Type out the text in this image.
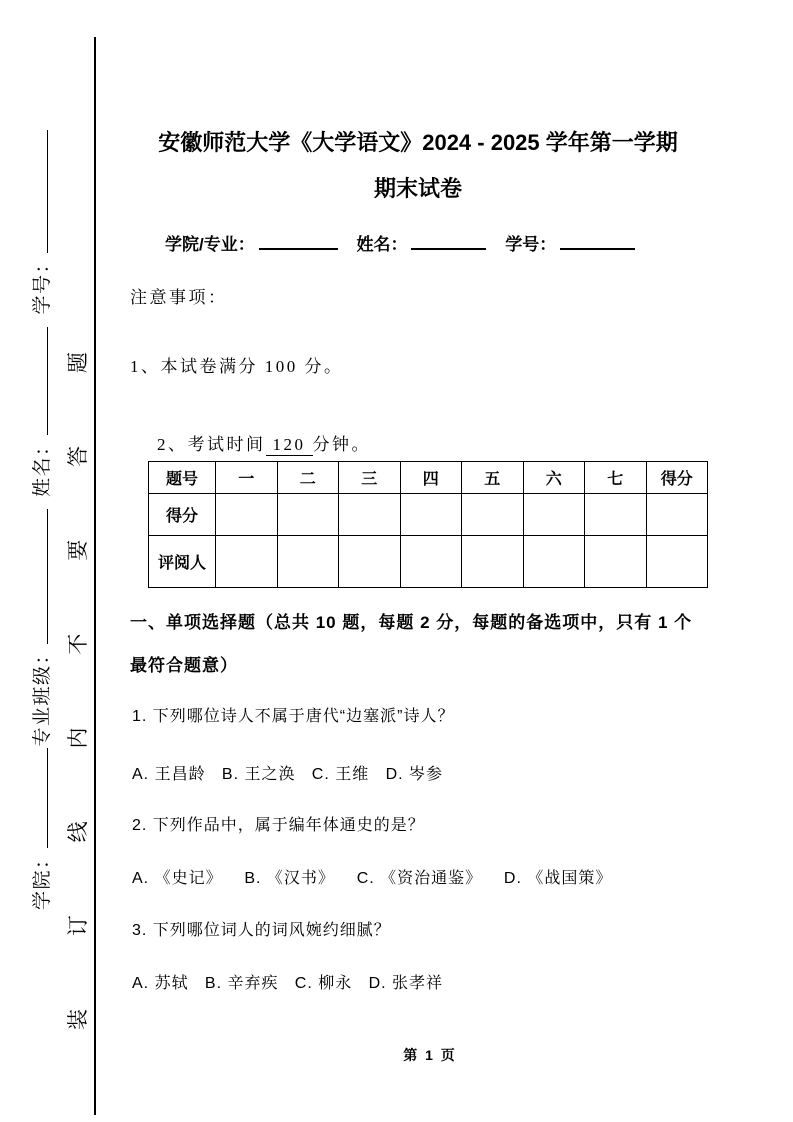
学院：专业班级：姓名：学号：
装
订
线
内
不
要
答
题
安徽师范大学《大学语文》2024 - 2025 学年第一学期
期末试卷
学院/专业：	姓名：	学号：
注意事项：
1、本试卷满分 100 分。

2、考试时间 120 分钟。

题号	一	二	三	四	五	六	七	得分
得分								
评阅人								
一、单项选择题（总共 10 题，每题 2 分，每题的备选项中，只有 1 个
最符合题意）
1. 下列哪位诗人不属于唐代“边塞派”诗人？
A. 王昌龄   B. 王之涣   C. 王维   D. 岑参
2. 下列作品中，属于编年体通史的是？
A. 《史记》    B. 《汉书》    C. 《资治通鉴》    D. 《战国策》
3. 下列哪位词人的词风婉约细腻？
A. 苏轼   B. 辛弃疾   C. 柳永   D. 张孝祥
第 1 页
